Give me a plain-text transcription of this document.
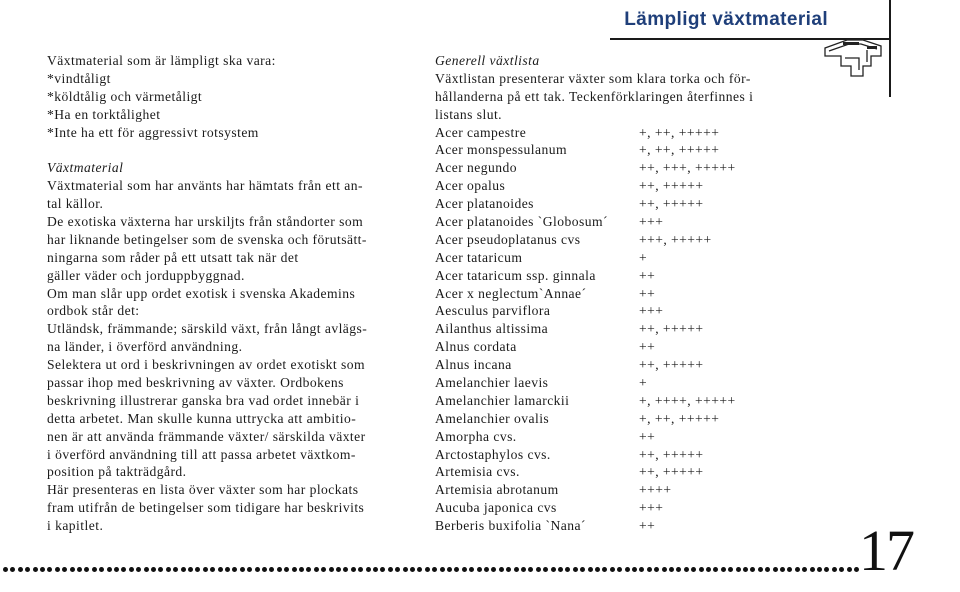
Lämpligt växtmaterial
Växtmaterial som är lämpligt ska vara:
*vindtåligt
*köldtålig och värmetåligt
*Ha en torktålighet
*Inte ha ett för aggressivt rotsystem
Växtmaterial
Växtmaterial som har använts har hämtats från ett an-
tal källor.
De exotiska växterna har urskiljts från ståndorter som
har liknande betingelser som de svenska och förutsätt-
ningarna som råder på ett utsatt tak när det
gäller väder och jorduppbyggnad.
Om man slår upp ordet exotisk i svenska Akademins
ordbok står det:
Utländsk, främmande; särskild växt, från långt avlägs-
na länder, i överförd användning.
Selektera ut ord i beskrivningen av ordet exotiskt som
passar ihop med beskrivning av växter. Ordbokens
beskrivning illustrerar ganska bra vad ordet innebär i
detta arbetet. Man skulle kunna uttrycka att ambitio-
nen är att använda främmande växter/ särskilda växter
i överförd användning till att passa arbetet växtkom-
position på takträdgård.
Här presenteras en lista över växter som har plockats
fram utifrån de betingelser som tidigare har beskrivits
i kapitlet.
Generell växtlista
Växtlistan presenterar växter som klara torka och för-
hållanderna på ett tak. Teckenförklaringen återfinnes i
listans slut.
Acer campestre	+, ++, +++++
Acer monspessulanum	+, ++, +++++
Acer negundo	++, +++, +++++
Acer opalus	++, +++++
Acer platanoides	++, +++++
Acer platanoides `Globosum´	+++
Acer pseudoplatanus cvs	+++, +++++
Acer tataricum	+
Acer tataricum ssp. ginnala	++
Acer x neglectum`Annae´	++
Aesculus parviflora	+++
Ailanthus altissima	++, +++++
Alnus cordata	++
Alnus incana	++, +++++
Amelanchier laevis	+
Amelanchier lamarckii	+, ++++, +++++
Amelanchier ovalis	+, ++, +++++
Amorpha cvs.	++
Arctostaphylos cvs.	++, +++++
Artemisia cvs.	++, +++++
Artemisia abrotanum	++++
Aucuba japonica cvs	+++
Berberis buxifolia `Nana´	++	17
